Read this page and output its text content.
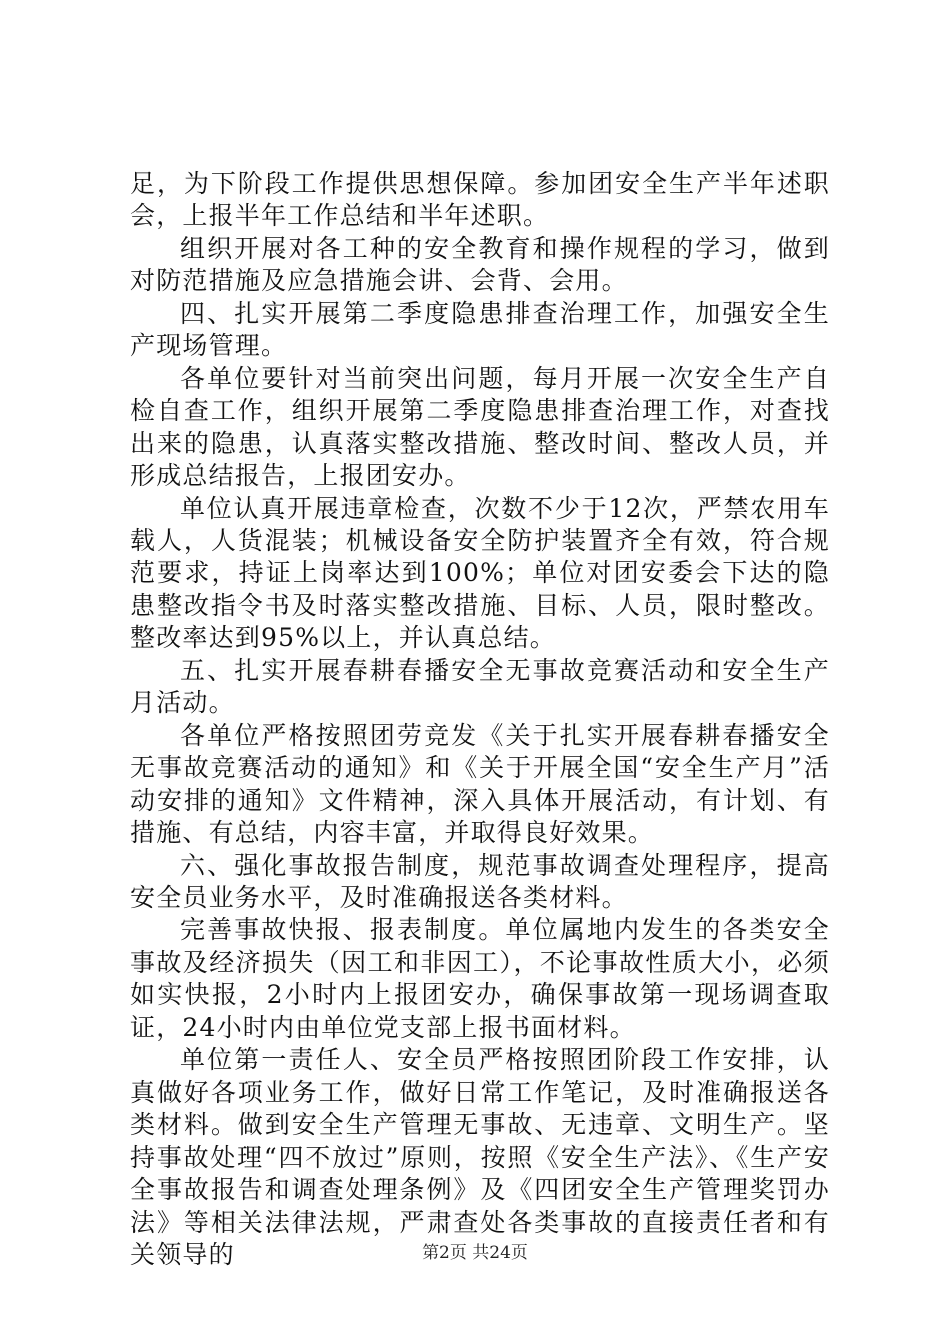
足，为下阶段工作提供思想保障。参加团安全生产半年述职会，上报半年工作总结和半年述职。

组织开展对各工种的安全教育和操作规程的学习，做到对防范措施及应急措施会讲、会背、会用。

四、扎实开展第二季度隐患排查治理工作，加强安全生产现场管理。

各单位要针对当前突出问题，每月开展一次安全生产自检自查工作，组织开展第二季度隐患排查治理工作，对查找出来的隐患，认真落实整改措施、整改时间、整改人员，并形成总结报告，上报团安办。

单位认真开展违章检查，次数不少于12次，严禁农用车载人，人货混装；机械设备安全防护装置齐全有效，符合规范要求，持证上岗率达到100%；单位对团安委会下达的隐患整改指令书及时落实整改措施、目标、人员，限时整改。整改率达到95%以上，并认真总结。

五、扎实开展春耕春播安全无事故竞赛活动和安全生产月活动。

各单位严格按照团劳竞发《关于扎实开展春耕春播安全无事故竞赛活动的通知》和《关于开展全国“安全生产月”活动安排的通知》文件精神，深入具体开展活动，有计划、有措施、有总结，内容丰富，并取得良好效果。

六、强化事故报告制度，规范事故调查处理程序，提高安全员业务水平，及时准确报送各类材料。

完善事故快报、报表制度。单位属地内发生的各类安全事故及经济损失（因工和非因工），不论事故性质大小，必须如实快报，2小时内上报团安办，确保事故第一现场调查取证，24小时内由单位党支部上报书面材料。

单位第一责任人、安全员严格按照团阶段工作安排，认真做好各项业务工作，做好日常工作笔记，及时准确报送各类材料。做到安全生产管理无事故、无违章、文明生产。坚持事故处理“四不放过”原则，按照《安全生产法》、《生产安全事故报告和调查处理条例》及《四团安全生产管理奖罚办法》等相关法律法规，严肃查处各类事故的直接责任者和有关领导的	第2页 共24页
